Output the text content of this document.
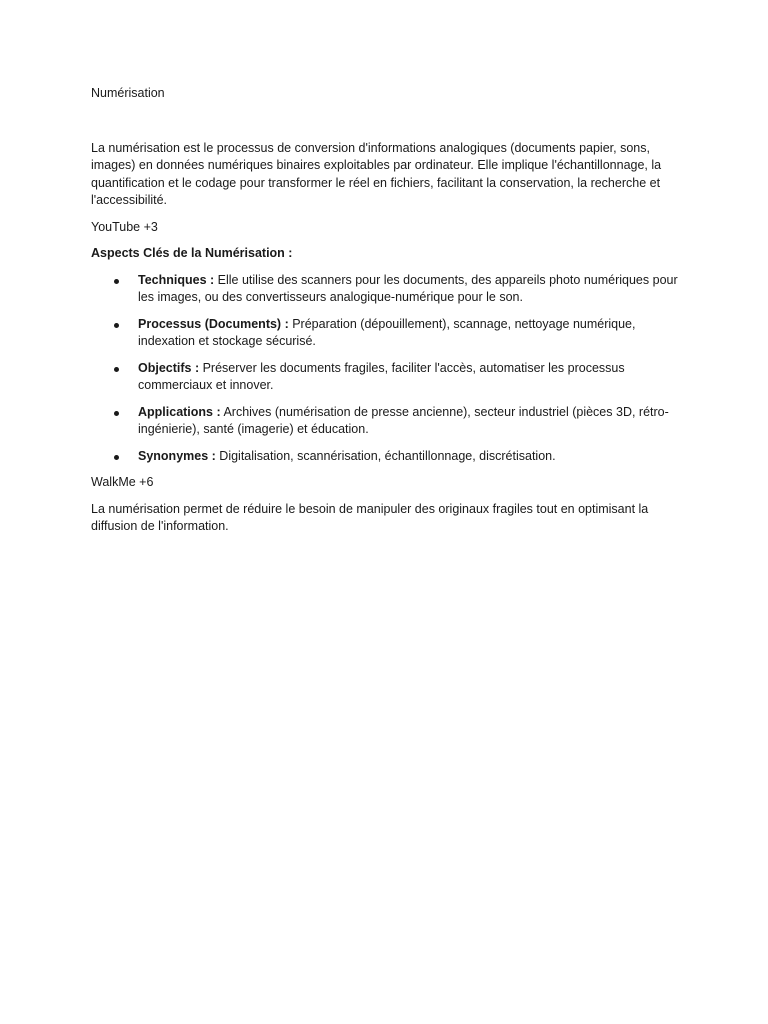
Numérisation

La numérisation est le processus de conversion d'informations analogiques (documents papier, sons, images) en données numériques binaires exploitables par ordinateur. Elle implique l'échantillonnage, la quantification et le codage pour transformer le réel en fichiers, facilitant la conservation, la recherche et l'accessibilité.

YouTube +3

Aspects Clés de la Numérisation :

Techniques : Elle utilise des scanners pour les documents, des appareils photo numériques pour les images, ou des convertisseurs analogique-numérique pour le son.
Processus (Documents) : Préparation (dépouillement), scannage, nettoyage numérique, indexation et stockage sécurisé.
Objectifs : Préserver les documents fragiles, faciliter l'accès, automatiser les processus commerciaux et innover.
Applications : Archives (numérisation de presse ancienne), secteur industriel (pièces 3D, rétro-ingénierie), santé (imagerie) et éducation.
Synonymes : Digitalisation, scannérisation, échantillonnage, discrétisation.

WalkMe +6

La numérisation permet de réduire le besoin de manipuler des originaux fragiles tout en optimisant la diffusion de l'information.
